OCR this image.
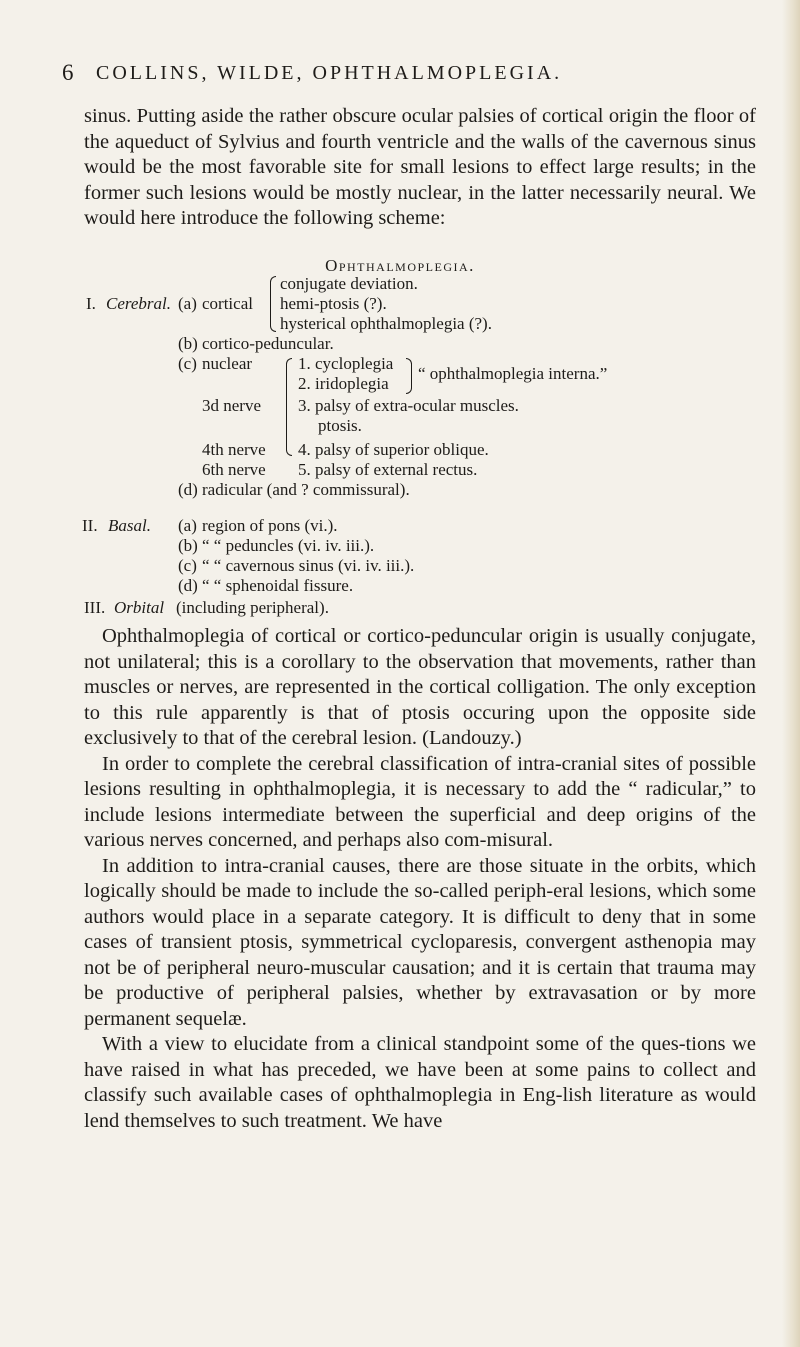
6 COLLINS, WILDE, OPHTHALMOPLEGIA.

sinus. Putting aside the rather obscure ocular palsies of cortical origin the floor of the aqueduct of Sylvius and fourth ventricle and the walls of the cavernous sinus would be the most favorable site for small lesions to effect large results; in the former such lesions would be mostly nuclear, in the latter necessarily neural. We would here introduce the following scheme:

Ophthalmoplegia.
I. Cerebral. (a) cortical
conjugate deviation.
hemi-ptosis (?).
hysterical ophthalmoplegia (?).
(b) cortico-peduncular.
(c) nuclear	1. cycloplegia
2. iridoplegia
“ ophthalmoplegia interna.”
3d nerve 3. palsy of extra-ocular muscles.
ptosis.
4th nerve 4. palsy of superior oblique.
6th nerve 5. palsy of external rectus.
(d) radicular (and ? commissural).
II. Basal. (a) region of pons (vi.).
(b) “ “ peduncles (vi. iv. iii.).
(c) “ “ cavernous sinus (vi. iv. iii.).
(d) “ “ sphenoidal fissure.
III. Orbital (including peripheral).

Ophthalmoplegia of cortical or cortico-peduncular origin is usually conjugate, not unilateral; this is a corollary to the observation that movements, rather than muscles or nerves, are represented in the cortical colligation. The only exception to this rule apparently is that of ptosis occuring upon the opposite side exclusively to that of the cerebral lesion. (Landouzy.)

In order to complete the cerebral classification of intra-cranial sites of possible lesions resulting in ophthalmoplegia, it is necessary to add the “ radicular,” to include lesions intermediate between the superficial and deep origins of the various nerves concerned, and perhaps also com-misural.

In addition to intra-cranial causes, there are those situate in the orbits, which logically should be made to include the so-called periph-eral lesions, which some authors would place in a separate category. It is difficult to deny that in some cases of transient ptosis, symmetrical cycloparesis, convergent asthenopia may not be of peripheral neuro-muscular causation; and it is certain that trauma may be productive of peripheral palsies, whether by extravasation or by more permanent sequelæ.

With a view to elucidate from a clinical standpoint some of the ques-tions we have raised in what has preceded, we have been at some pains to collect and classify such available cases of ophthalmoplegia in Eng-lish literature as would lend themselves to such treatment. We have
